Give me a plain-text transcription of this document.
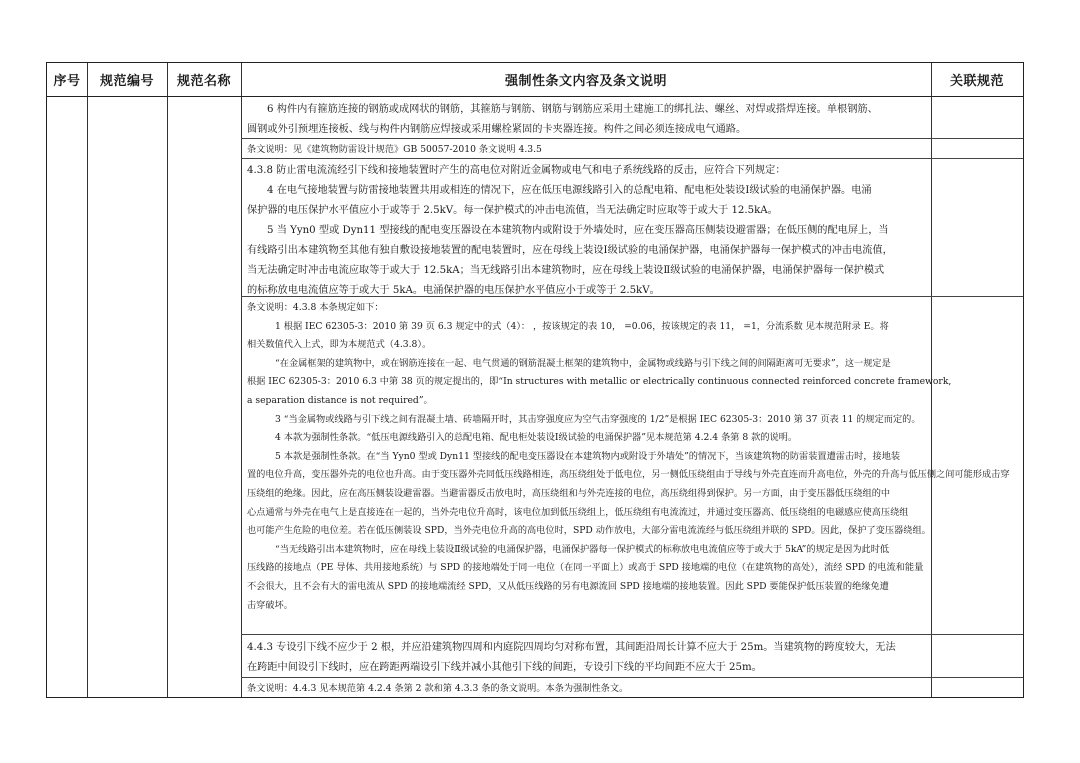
序号	规范编号	规范名称	强制性条文内容及条文说明	关联规范

6 构件内有箍筋连接的钢筋或成网状的钢筋，其箍筋与钢筋、钢筋与钢筋应采用土建施工的绑扎法、螺丝、对焊或搭焊连接。单根钢筋、

圆钢或外引预埋连接板、线与构件内钢筋应焊接或采用螺栓紧固的卡夹器连接。构件之间必须连接成电气通路。

条文说明：见《建筑物防雷设计规范》GB 50057-2010 条文说明 4.3.5

4.3.8 防止雷电流流经引下线和接地装置时产生的高电位对附近金属物或电气和电子系统线路的反击，应符合下列规定：

4 在电气接地装置与防雷接地装置共用或相连的情况下，应在低压电源线路引入的总配电箱、配电柜处装设Ⅰ级试验的电涌保护器。电涌

保护器的电压保护水平值应小于或等于 2.5kV。每一保护模式的冲击电流值，当无法确定时应取等于或大于 12.5kA。

5 当 Yyn0 型或 Dyn11 型接线的配电变压器设在本建筑物内或附设于外墙处时，应在变压器高压侧装设避雷器；在低压侧的配电屏上，当

有线路引出本建筑物至其他有独自敷设接地装置的配电装置时，应在母线上装设Ⅰ级试验的电涌保护器，电涌保护器每一保护模式的冲击电流值，

当无法确定时冲击电流应取等于或大于 12.5kA；当无线路引出本建筑物时，应在母线上装设Ⅱ级试验的电涌保护器，电涌保护器每一保护模式

的标称放电电流值应等于或大于 5kA。电涌保护器的电压保护水平值应小于或等于 2.5kV。

条文说明：4.3.8 本条规定如下：

1 根据 IEC 62305-3：2010 第 39 页 6.3 规定中的式（4）： ，按该规定的表 10， =0.06，按该规定的表 11， =1，分流系数 见本规范附录 E。将

相关数值代入上式，即为本规范式（4.3.8）。

“在金属框架的建筑物中，或在钢筋连接在一起、电气贯通的钢筋混凝土框架的建筑物中，金属物或线路与引下线之间的间隔距离可无要求”，这一规定是

根据 IEC 62305-3：2010 6.3 中第 38 页的规定提出的，即“In structures with metallic or electrically continuous connected reinforced concrete framework,

a separation distance is not required”。

3 “当金属物或线路与引下线之间有混凝土墙、砖墙隔开时，其击穿强度应为空气击穿强度的 1/2”是根据 IEC 62305-3：2010 第 37 页表 11 的规定而定的。

4 本款为强制性条款。“低压电源线路引入的总配电箱、配电柜处装设Ⅰ级试验的电涌保护器”见本规范第 4.2.4 条第 8 款的说明。

5 本款是强制性条款。在“当 Yyn0 型或 Dyn11 型接线的配电变压器设在本建筑物内或附设于外墙处”的情况下，当该建筑物的防雷装置遭雷击时，接地装

置的电位升高，变压器外壳的电位也升高。由于变压器外壳同低压线路相连，高压绕组处于低电位，另一侧低压绕组由于导线与外壳直连而升高电位，外壳的升高与低压侧之间可能形成击穿

压绕组的绝缘。因此，应在高压侧装设避雷器。当避雷器反击放电时，高压绕组和与外壳连接的电位，高压绕组得到保护。另一方面，由于变压器低压绕组的中

心点通常与外壳在电气上是直接连在一起的，当外壳电位升高时，该电位加到低压绕组上，低压绕组有电流流过，并通过变压器高、低压绕组的电磁感应使高压绕组

也可能产生危险的电位差。若在低压侧装设 SPD，当外壳电位升高的高电位时，SPD 动作放电，大部分雷电流流经与低压绕组并联的 SPD。因此，保护了变压器绕组。

“当无线路引出本建筑物时，应在母线上装设Ⅱ级试验的电涌保护器，电涌保护器每一保护模式的标称放电电流值应等于或大于 5kA”的规定是因为此时低

压线路的接地点（PE 导体、共用接地系统）与 SPD 的接地端处于同一电位（在同一平面上）或高于 SPD 接地端的电位（在建筑物的高处），流经 SPD 的电流和能量

不会很大，且不会有大的雷电流从 SPD 的接地端流经 SPD，又从低压线路的另有电源流回 SPD 接地端的接地装置。因此 SPD 要能保护低压装置的绝缘免遭

击穿破坏。

4.4.3 专设引下线不应少于 2 根，并应沿建筑物四周和内庭院四周均匀对称布置，其间距沿周长计算不应大于 25m。当建筑物的跨度较大，无法

在跨距中间设引下线时，应在跨距两端设引下线并减小其他引下线的间距，专设引下线的平均间距不应大于 25m。

条文说明：4.4.3 见本规范第 4.2.4 条第 2 款和第 4.3.3 条的条文说明。本条为强制性条文。
